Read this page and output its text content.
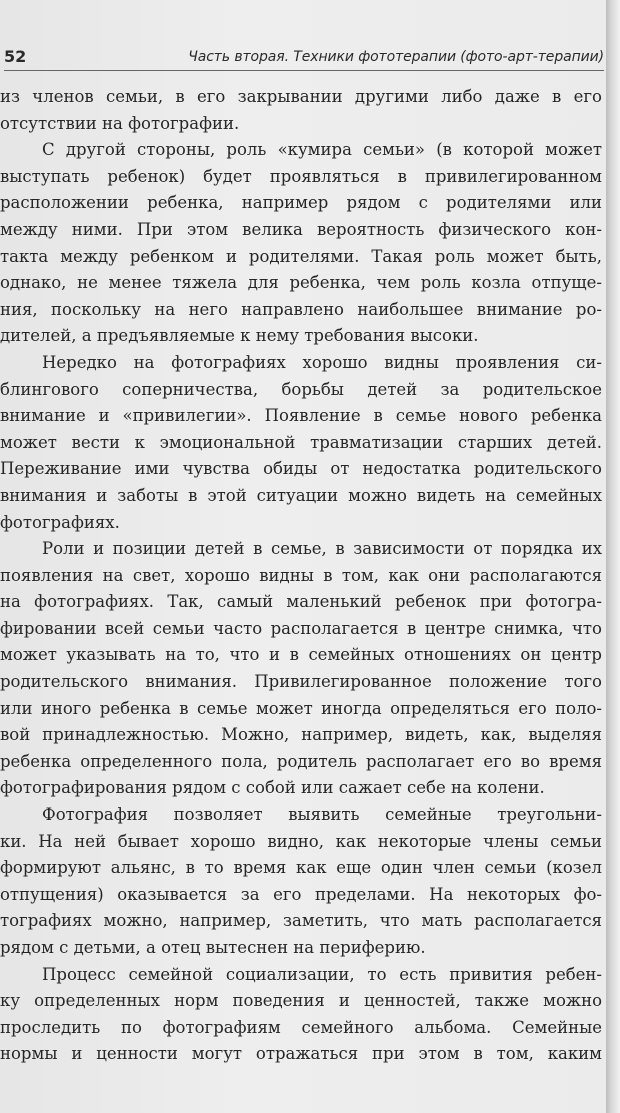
52	Часть вторая. Техники фототерапии (фото-арт-терапии)

из членов семьи, в его закрывании другими либо даже в его

отсутствии на фотографии.

С другой стороны, роль «кумира семьи» (в которой может

выступать ребенок) будет проявляться в привилегированном

расположении ребенка, например рядом с родителями или

между ними. При этом велика вероятность физического кон-

такта между ребенком и родителями. Такая роль может быть,

однако, не менее тяжела для ребенка, чем роль козла отпуще-

ния, поскольку на него направлено наибольшее внимание ро-

дителей, а предъявляемые к нему требования высоки.

Нередко на фотографиях хорошо видны проявления си-

блингового соперничества, борьбы детей за родительское

внимание и «привилегии». Появление в семье нового ребенка

может вести к эмоциональной травматизации старших детей.

Переживание ими чувства обиды от недостатка родительского

внимания и заботы в этой ситуации можно видеть на семейных

фотографиях.

Роли и позиции детей в семье, в зависимости от порядка их

появления на свет, хорошо видны в том, как они располагаются

на фотографиях. Так, самый маленький ребенок при фотогра-

фировании всей семьи часто располагается в центре снимка, что

может указывать на то, что и в семейных отношениях он центр

родительского внимания. Привилегированное положение того

или иного ребенка в семье может иногда определяться его поло-

вой принадлежностью. Можно, например, видеть, как, выделяя

ребенка определенного пола, родитель располагает его во время

фотографирования рядом с собой или сажает себе на колени.

Фотография позволяет выявить семейные треугольни-

ки. На ней бывает хорошо видно, как некоторые члены семьи

формируют альянс, в то время как еще один член семьи (козел

отпущения) оказывается за его пределами. На некоторых фо-

тографиях можно, например, заметить, что мать располагается

рядом с детьми, а отец вытеснен на периферию.

Процесс семейной социализации, то есть привития ребен-

ку определенных норм поведения и ценностей, также можно

проследить по фотографиям семейного альбома. Семейные

нормы и ценности могут отражаться при этом в том, каким
